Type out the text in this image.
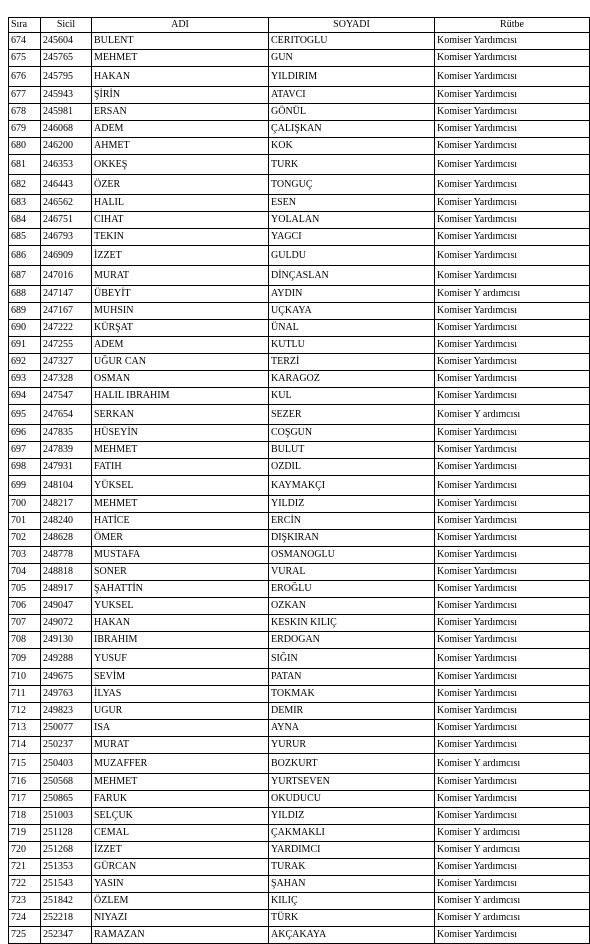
Sıra	Sicil	ADI	SOYADI	Rütbe
674	245604	BULENT	CERITOGLU	Komiser Yardımcısı
675	245765	MEHMET	GUN	Komiser Yardımcısı
676	245795	HAKAN	YILDIRIM	Komiser Yardımcısı
677	245943	ŞİRİN	ATAVCI	Komiser Yardımcısı
678	245981	ERSAN	GÖNÜL	Komiser Yardımcısı
679	246068	ADEM	ÇALIŞKAN	Komiser Yardımcısı
680	246200	AHMET	KOK	Komiser Yardımcısı
681	246353	OKKEŞ	TURK	Komiser Yardımcısı
682	246443	ÖZER	TONGUÇ	Komiser Yardımcısı
683	246562	HALIL	ESEN	Komiser Yardımcısı
684	246751	CIHAT	YOLALAN	Komiser Yardımcısı
685	246793	TEKIN	YAGCI	Komiser Yardımcısı
686	246909	İZZET	GULDU	Komiser Yardımcısı
687	247016	MURAT	DİNÇASLAN	Komiser Yardımcısı
688	247147	ÜBEYİT	AYDIN	Komiser Y ardımcısı
689	247167	MUHSIN	UÇKAYA	Komiser Yardımcısı
690	247222	KÜRŞAT	ÜNAL	Komiser Yardımcısı
691	247255	ADEM	KUTLU	Komiser Yardımcısı
692	247327	UĞUR CAN	TERZİ	Komiser Yardımcısı
693	247328	OSMAN	KARAGOZ	Komiser Yardımcısı
694	247547	HALIL IBRAHIM	KUL	Komiser Yardımcısı
695	247654	SERKAN	SEZER	Komiser Y ardımcısı
696	247835	HÜSEYİN	COŞGUN	Komiser Yardımcısı
697	247839	MEHMET	BULUT	Komiser Yardımcısı
698	247931	FATIH	OZDIL	Komiser Yardımcısı
699	248104	YÜKSEL	KAYMAKÇI	Komiser Yardımcısı
700	248217	MEHMET	YILDIZ	Komiser Yardımcısı
701	248240	HATİCE	ERCİN	Komiser Yardımcısı
702	248628	ÖMER	DIŞKIRAN	Komiser Yardımcısı
703	248778	MUSTAFA	OSMANOGLU	Komiser Yardımcısı
704	248818	SONER	VURAL	Komiser Yardımcısı
705	248917	ŞAHATTİN	EROĞLU	Komiser Yardımcısı
706	249047	YUKSEL	OZKAN	Komiser Yardımcısı
707	249072	HAKAN	KESKIN KILIÇ	Komiser Yardımcısı
708	249130	IBRAHIM	ERDOGAN	Komiser Yardımcısı
709	249288	YUSUF	SIĞIN	Komiser Yardımcısı
710	249675	SEVİM	PATAN	Komiser Yardımcısı
711	249763	İLYAS	TOKMAK	Komiser Yardımcısı
712	249823	UGUR	DEMIR	Komiser Yardımcısı
713	250077	ISA	AYNA	Komiser Yardımcısı
714	250237	MURAT	YURUR	Komiser Yardımcısı
715	250403	MUZAFFER	BOZKURT	Komiser Y ardımcısı
716	250568	MEHMET	YURTSEVEN	Komiser Yardımcısı
717	250865	FARUK	OKUDUCU	Komiser Yardımcısı
718	251003	SELÇUK	YILDIZ	Komiser Yardımcısı
719	251128	CEMAL	ÇAKMAKLI	Komiser Y ardımcısı
720	251268	İZZET	YARDIMCI	Komiser Y ardımcısı
721	251353	GÜRCAN	TURAK	Komiser Yardımcısı
722	251543	YASIN	ŞAHAN	Komiser Yardımcısı
723	251842	ÖZLEM	KILIÇ	Komiser Y ardımcısı
724	252218	NIYAZI	TÜRK	Komiser Y ardımcısı
725	252347	RAMAZAN	AKÇAKAYA	Komiser Yardımcısı
